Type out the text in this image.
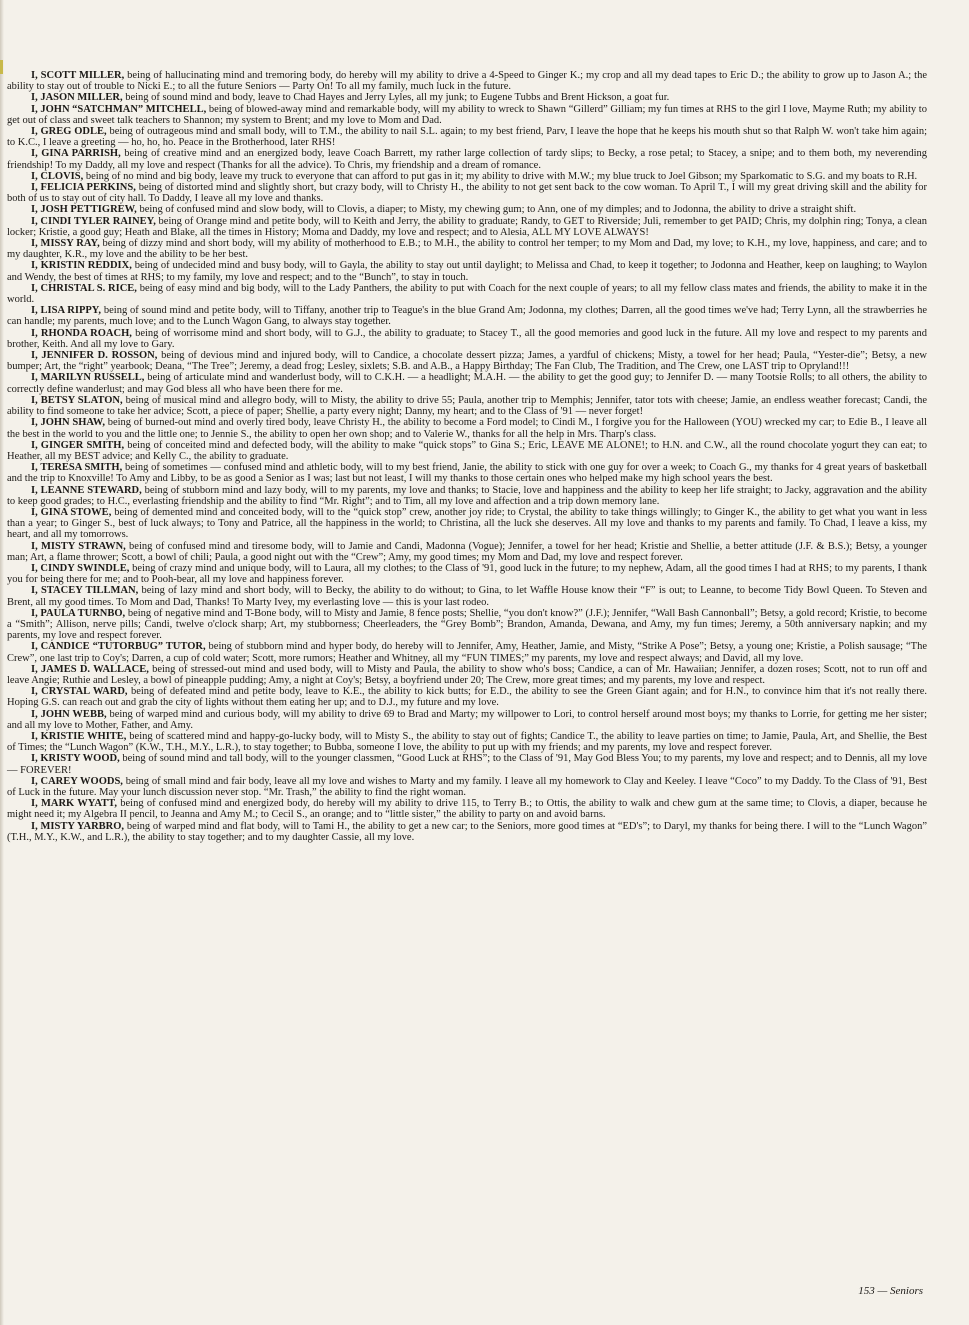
I, SCOTT MILLER, being of hallucinating mind and tremoring body, do hereby will my ability to drive a 4-Speed to Ginger K.; my crop and all my dead tapes to Eric D.; the ability to grow up to Jason A.; the ability to stay out of trouble to Nicki E.; to all the future Seniors — Party On! To all my family, much luck in the future.

I, JASON MILLER, being of sound mind and body, leave to Chad Hayes and Jerry Lyles, all my junk; to Eugene Tubbs and Brent Hickson, a goat fur.

I, JOHN “SATCHMAN” MITCHELL, being of blowed-away mind and remarkable body, will my ability to wreck to Shawn “Gillerd” Gilliam; my fun times at RHS to the girl I love, Mayme Ruth; my ability to get out of class and sweet talk teachers to Shannon; my system to Brent; and my love to Mom and Dad.

I, GREG ODLE, being of outrageous mind and small body, will to T.M., the ability to nail S.L. again; to my best friend, Parv, I leave the hope that he keeps his mouth shut so that Ralph W. won't take him again; to K.C., I leave a greeting — ho, ho, ho. Peace in the Brotherhood, later RHS!

I, GINA PARRISH, being of creative mind and an energized body, leave Coach Barrett, my rather large collection of tardy slips; to Becky, a rose petal; to Stacey, a snipe; and to them both, my neverending friendship! To my Daddy, all my love and respect (Thanks for all the advice). To Chris, my friendship and a dream of romance.

I, CLOVIS, being of no mind and big body, leave my truck to everyone that can afford to put gas in it; my ability to drive with M.W.; my blue truck to Joel Gibson; my Sparkomatic to S.G. and my boats to R.H.

I, FELICIA PERKINS, being of distorted mind and slightly short, but crazy body, will to Christy H., the ability to not get sent back to the cow woman. To April T., I will my great driving skill and the ability for both of us to stay out of city hall. To Daddy, I leave all my love and thanks.

I, JOSH PETTIGREW, being of confused mind and slow body, will to Clovis, a diaper; to Misty, my chewing gum; to Ann, one of my dimples; and to Jodonna, the ability to drive a straight shift.

I, CINDI TYLER RAINEY, being of Orange mind and petite body, will to Keith and Jerry, the ability to graduate; Randy, to GET to Riverside; Juli, remember to get PAID; Chris, my dolphin ring; Tonya, a clean locker; Kristie, a good guy; Heath and Blake, all the times in History; Moma and Daddy, my love and respect; and to Alesia, ALL MY LOVE ALWAYS!

I, MISSY RAY, being of dizzy mind and short body, will my ability of motherhood to E.B.; to M.H., the ability to control her temper; to my Mom and Dad, my love; to K.H., my love, happiness, and care; and to my daughter, K.R., my love and the ability to be her best.

I, KRISTIN REDDIX, being of undecided mind and busy body, will to Gayla, the ability to stay out until daylight; to Melissa and Chad, to keep it together; to Jodonna and Heather, keep on laughing; to Waylon and Wendy, the best of times at RHS; to my family, my love and respect; and to the “Bunch”, to stay in touch.

I, CHRISTAL S. RICE, being of easy mind and big body, will to the Lady Panthers, the ability to put with Coach for the next couple of years; to all my fellow class mates and friends, the ability to make it in the world.

I, LISA RIPPY, being of sound mind and petite body, will to Tiffany, another trip to Teague's in the blue Grand Am; Jodonna, my clothes; Darren, all the good times we've had; Terry Lynn, all the strawberries he can handle; my parents, much love; and to the Lunch Wagon Gang, to always stay together.

I, RHONDA ROACH, being of worrisome mind and short body, will to G.J., the ability to graduate; to Stacey T., all the good memories and good luck in the future. All my love and respect to my parents and brother, Keith. And all my love to Gary.

I, JENNIFER D. ROSSON, being of devious mind and injured body, will to Candice, a chocolate dessert pizza; James, a yardful of chickens; Misty, a towel for her head; Paula, “Yester-die”; Betsy, a new bumper; Art, the “right” yearbook; Deana, “The Tree”; Jeremy, a dead frog; Lesley, sixlets; S.B. and A.B., a Happy Birthday; The Fan Club, The Tradition, and The Crew, one LAST trip to Opryland!!!

I, MARILYN RUSSELL, being of articulate mind and wanderlust body, will to C.K.H. — a headlight; M.A.H. — the ability to get the good guy; to Jennifer D. — many Tootsie Rolls; to all others, the ability to correctly define wanderlust; and may God bless all who have been there for me.

I, BETSY SLATON, being of musical mind and allegro body, will to Misty, the ability to drive 55; Paula, another trip to Memphis; Jennifer, tator tots with cheese; Jamie, an endless weather forecast; Candi, the ability to find someone to take her advice; Scott, a piece of paper; Shellie, a party every night; Danny, my heart; and to the Class of '91 — never forget!

I, JOHN SHAW, being of burned-out mind and overly tired body, leave Christy H., the ability to become a Ford model; to Cindi M., I forgive you for the Halloween (YOU) wrecked my car; to Edie B., I leave all the best in the world to you and the little one; to Jennie S., the ability to open her own shop; and to Valerie W., thanks for all the help in Mrs. Tharp's class.

I, GINGER SMITH, being of conceited mind and defected body, will the ability to make “quick stops” to Gina S.; Eric, LEAVE ME ALONE!; to H.N. and C.W., all the round chocolate yogurt they can eat; to Heather, all my BEST advice; and Kelly C., the ability to graduate.

I, TERESA SMITH, being of sometimes — confused mind and athletic body, will to my best friend, Janie, the ability to stick with one guy for over a week; to Coach G., my thanks for 4 great years of basketball and the trip to Knoxville! To Amy and Libby, to be as good a Senior as I was; last but not least, I will my thanks to those certain ones who helped make my high school years the best.

I, LEANNE STEWARD, being of stubborn mind and lazy body, will to my parents, my love and thanks; to Stacie, love and happiness and the ability to keep her life straight; to Jacky, aggravation and the ability to keep good grades; to H.C., everlasting friendship and the ability to find “Mr. Right”; and to Tim, all my love and affection and a trip down memory lane.

I, GINA STOWE, being of demented mind and conceited body, will to the “quick stop” crew, another joy ride; to Crystal, the ability to take things willingly; to Ginger K., the ability to get what you want in less than a year; to Ginger S., best of luck always; to Tony and Patrice, all the happiness in the world; to Christina, all the luck she deserves. All my love and thanks to my parents and family. To Chad, I leave a kiss, my heart, and all my tomorrows.

I, MISTY STRAWN, being of confused mind and tiresome body, will to Jamie and Candi, Madonna (Vogue); Jennifer, a towel for her head; Kristie and Shellie, a better attitude (J.F. & B.S.); Betsy, a younger man; Art, a flame thrower; Scott, a bowl of chili; Paula, a good night out with the “Crew”; Amy, my good times; my Mom and Dad, my love and respect forever.

I, CINDY SWINDLE, being of crazy mind and unique body, will to Laura, all my clothes; to the Class of '91, good luck in the future; to my nephew, Adam, all the good times I had at RHS; to my parents, I thank you for being there for me; and to Pooh-bear, all my love and happiness forever.

I, STACEY TILLMAN, being of lazy mind and short body, will to Becky, the ability to do without; to Gina, to let Waffle House know their “F” is out; to Leanne, to become Tidy Bowl Queen. To Steven and Brent, all my good times. To Mom and Dad, Thanks! To Marty Ivey, my everlasting love — this is your last rodeo.

I, PAULA TURNBO, being of negative mind and T-Bone body, will to Misty and Jamie, 8 fence posts; Shellie, “you don't know?” (J.F.); Jennifer, “Wall Bash Cannonball”; Betsy, a gold record; Kristie, to become a “Smith”; Allison, nerve pills; Candi, twelve o'clock sharp; Art, my stubborness; Cheerleaders, the “Grey Bomb”; Brandon, Amanda, Dewana, and Amy, my fun times; Jeremy, a 50th anniversary napkin; and my parents, my love and respect forever.

I, CANDICE “TUTORBUG” TUTOR, being of stubborn mind and hyper body, do hereby will to Jennifer, Amy, Heather, Jamie, and Misty, “Strike A Pose”; Betsy, a young one; Kristie, a Polish sausage; “The Crew”, one last trip to Coy's; Darren, a cup of cold water; Scott, more rumors; Heather and Whitney, all my “FUN TIMES;” my parents, my love and respect always; and David, all my love.

I, JAMES D. WALLACE, being of stressed-out mind and used body, will to Misty and Paula, the ability to show who's boss; Candice, a can of Mr. Hawaiian; Jennifer, a dozen roses; Scott, not to run off and leave Angie; Ruthie and Lesley, a bowl of pineapple pudding; Amy, a night at Coy's; Betsy, a boyfriend under 20; The Crew, more great times; and my parents, my love and respect.

I, CRYSTAL WARD, being of defeated mind and petite body, leave to K.E., the ability to kick butts; for E.D., the ability to see the Green Giant again; and for H.N., to convince him that it's not really there. Hoping G.S. can reach out and grab the city of lights without them eating her up; and to D.J., my future and my love.

I, JOHN WEBB, being of warped mind and curious body, will my ability to drive 69 to Brad and Marty; my willpower to Lori, to control herself around most boys; my thanks to Lorrie, for getting me her sister; and all my love to Mother, Father, and Amy.

I, KRISTIE WHITE, being of scattered mind and happy-go-lucky body, will to Misty S., the ability to stay out of fights; Candice T., the ability to leave parties on time; to Jamie, Paula, Art, and Shellie, the Best of Times; the “Lunch Wagon” (K.W., T.H., M.Y., L.R.), to stay together; to Bubba, someone I love, the ability to put up with my friends; and my parents, my love and respect forever.

I, KRISTY WOOD, being of sound mind and tall body, will to the younger classmen, “Good Luck at RHS”; to the Class of '91, May God Bless You; to my parents, my love and respect; and to Dennis, all my love — FOREVER!

I, CAREY WOODS, being of small mind and fair body, leave all my love and wishes to Marty and my family. I leave all my homework to Clay and Keeley. I leave “Coco” to my Daddy. To the Class of '91, Best of Luck in the future. May your lunch discussion never stop. “Mr. Trash,” the ability to find the right woman.

I, MARK WYATT, being of confused mind and energized body, do hereby will my ability to drive 115, to Terry B.; to Ottis, the ability to walk and chew gum at the same time; to Clovis, a diaper, because he might need it; my Algebra II pencil, to Jeanna and Amy M.; to Cecil S., an orange; and to “little sister,” the ability to party on and avoid barns.

I, MISTY YARBRO, being of warped mind and flat body, will to Tami H., the ability to get a new car; to the Seniors, more good times at “ED's”; to Daryl, my thanks for being there. I will to the “Lunch Wagon” (T.H., M.Y., K.W., and L.R.), the ability to stay together; and to my daughter Cassie, all my love.

153 — Seniors
